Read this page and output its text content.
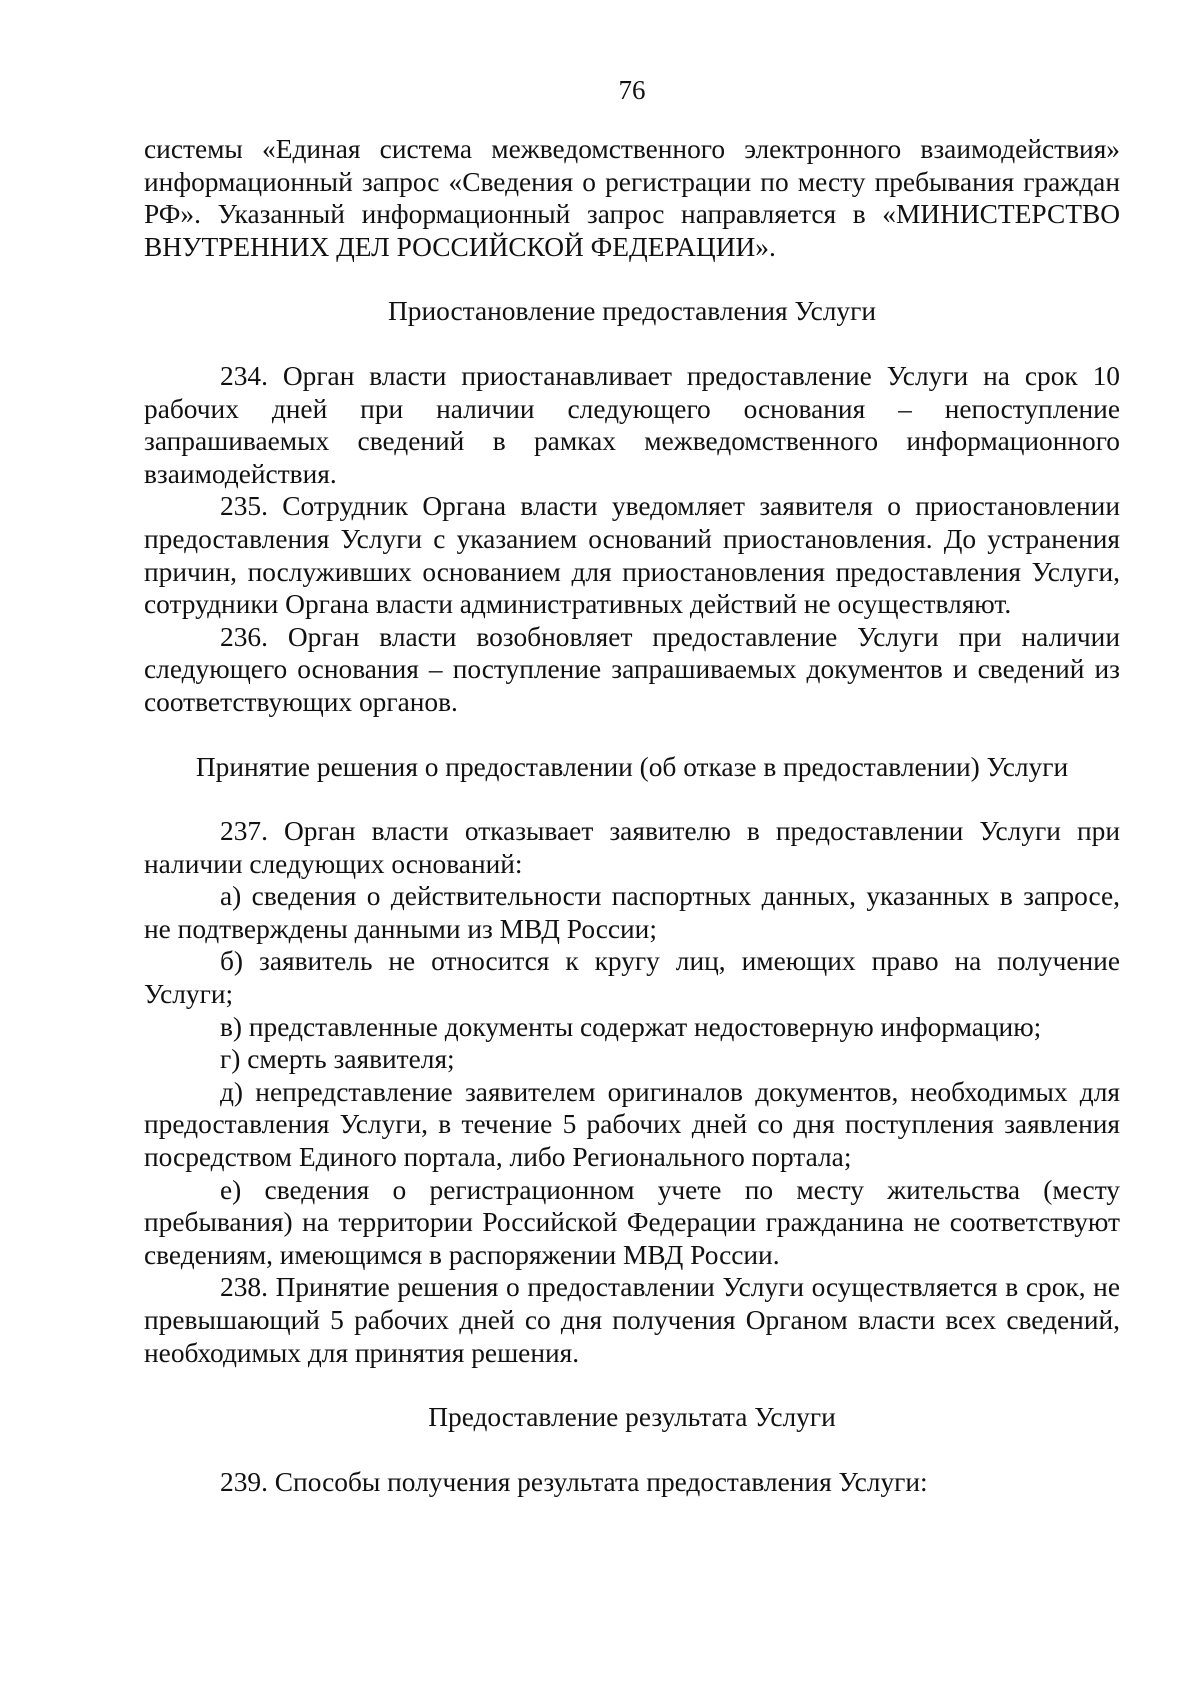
76

системы «Единая система межведомственного электронного взаимодействия» информационный запрос «Сведения о регистрации по месту пребывания граждан РФ». Указанный информационный запрос направляется в «МИНИСТЕРСТВО ВНУТРЕННИХ ДЕЛ РОССИЙСКОЙ ФЕДЕРАЦИИ».

Приостановление предоставления Услуги

234. Орган власти приостанавливает предоставление Услуги на срок 10 рабочих дней при наличии следующего основания – непоступление запрашиваемых сведений в рамках межведомственного информационного взаимодействия.

235. Сотрудник Органа власти уведомляет заявителя о приостановлении предоставления Услуги с указанием оснований приостановления. До устранения причин, послуживших основанием для приостановления предоставления Услуги, сотрудники Органа власти административных действий не осуществляют.

236. Орган власти возобновляет предоставление Услуги при наличии следующего основания – поступление запрашиваемых документов и сведений из соответствующих органов.

Принятие решения о предоставлении (об отказе в предоставлении) Услуги

237. Орган власти отказывает заявителю в предоставлении Услуги при наличии следующих оснований:

а) сведения о действительности паспортных данных, указанных в запросе, не подтверждены данными из МВД России;

б) заявитель не относится к кругу лиц, имеющих право на получение Услуги;

в) представленные документы содержат недостоверную информацию;

г) смерть заявителя;

д) непредставление заявителем оригиналов документов, необходимых для предоставления Услуги, в течение 5 рабочих дней со дня поступления заявления посредством Единого портала, либо Регионального портала;

е) сведения о регистрационном учете по месту жительства (месту пребывания) на территории Российской Федерации гражданина не соответствуют сведениям, имеющимся в распоряжении МВД России.

238. Принятие решения о предоставлении Услуги осуществляется в срок, не превышающий 5 рабочих дней со дня получения Органом власти всех сведений, необходимых для принятия решения.

Предоставление результата Услуги

239. Способы получения результата предоставления Услуги:
